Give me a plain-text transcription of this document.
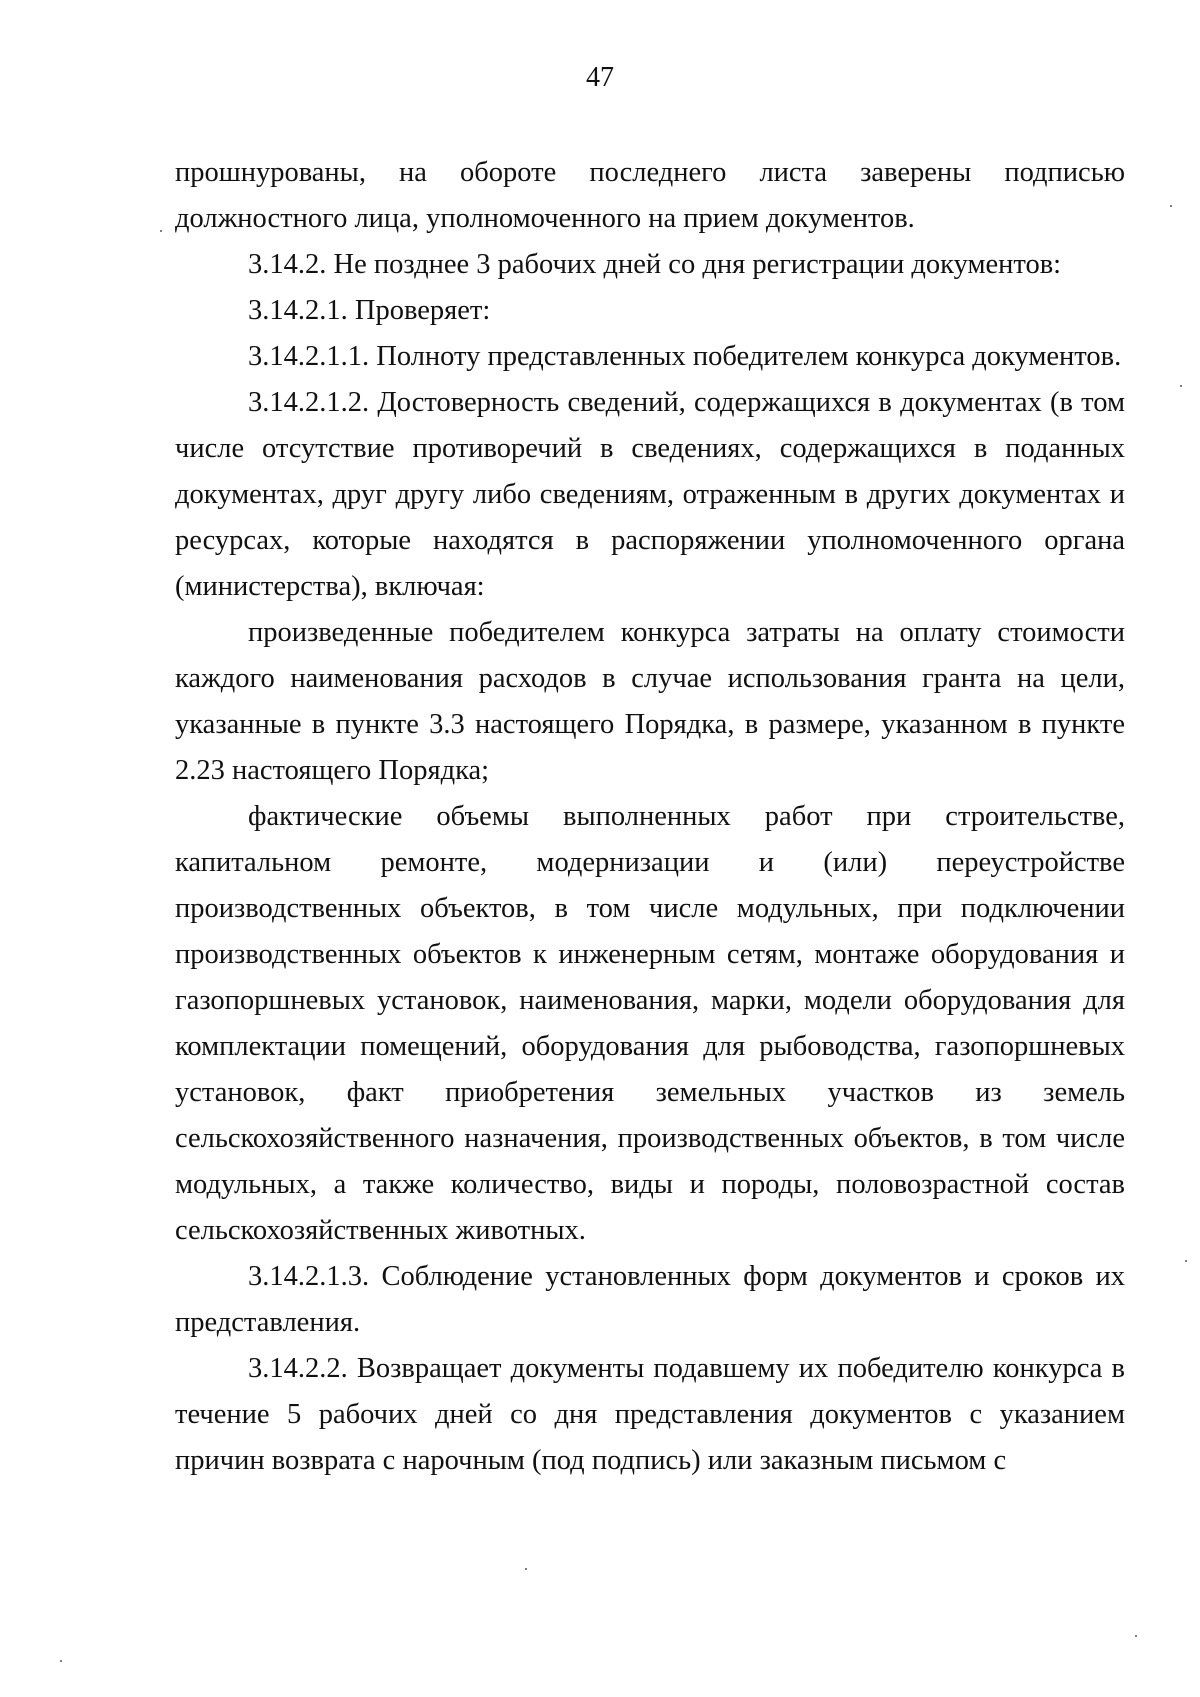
47

прошнурованы, на обороте последнего листа заверены подписью должностного лица, уполномоченного на прием документов.

3.14.2. Не позднее 3 рабочих дней со дня регистрации документов:

3.14.2.1. Проверяет:

3.14.2.1.1. Полноту представленных победителем конкурса документов.

3.14.2.1.2. Достоверность сведений, содержащихся в документах (в том числе отсутствие противоречий в сведениях, содержащихся в поданных документах, друг другу либо сведениям, отраженным в других документах и ресурсах, которые находятся в распоряжении уполномоченного органа (министерства), включая:

произведенные победителем конкурса затраты на оплату стоимости каждого наименования расходов в случае использования гранта на цели, указанные в пункте 3.3 настоящего Порядка, в размере, указанном в пункте 2.23 настоящего Порядка;

фактические объемы выполненных работ при строительстве, капитальном ремонте, модернизации и (или) переустройстве производственных объектов, в том числе модульных, при подключении производственных объектов к инженерным сетям, монтаже оборудования и газопоршневых установок, наименования, марки, модели оборудования для комплектации помещений, оборудования для рыбоводства, газопоршневых установок, факт приобретения земельных участков из земель сельскохозяйственного назначения, производственных объектов, в том числе модульных, а также количество, виды и породы, половозрастной состав сельскохозяйственных животных.

3.14.2.1.3. Соблюдение установленных форм документов и сроков их представления.

3.14.2.2. Возвращает документы подавшему их победителю конкурса в течение 5 рабочих дней со дня представления документов с указанием причин возврата с нарочным (под подпись) или заказным письмом с
